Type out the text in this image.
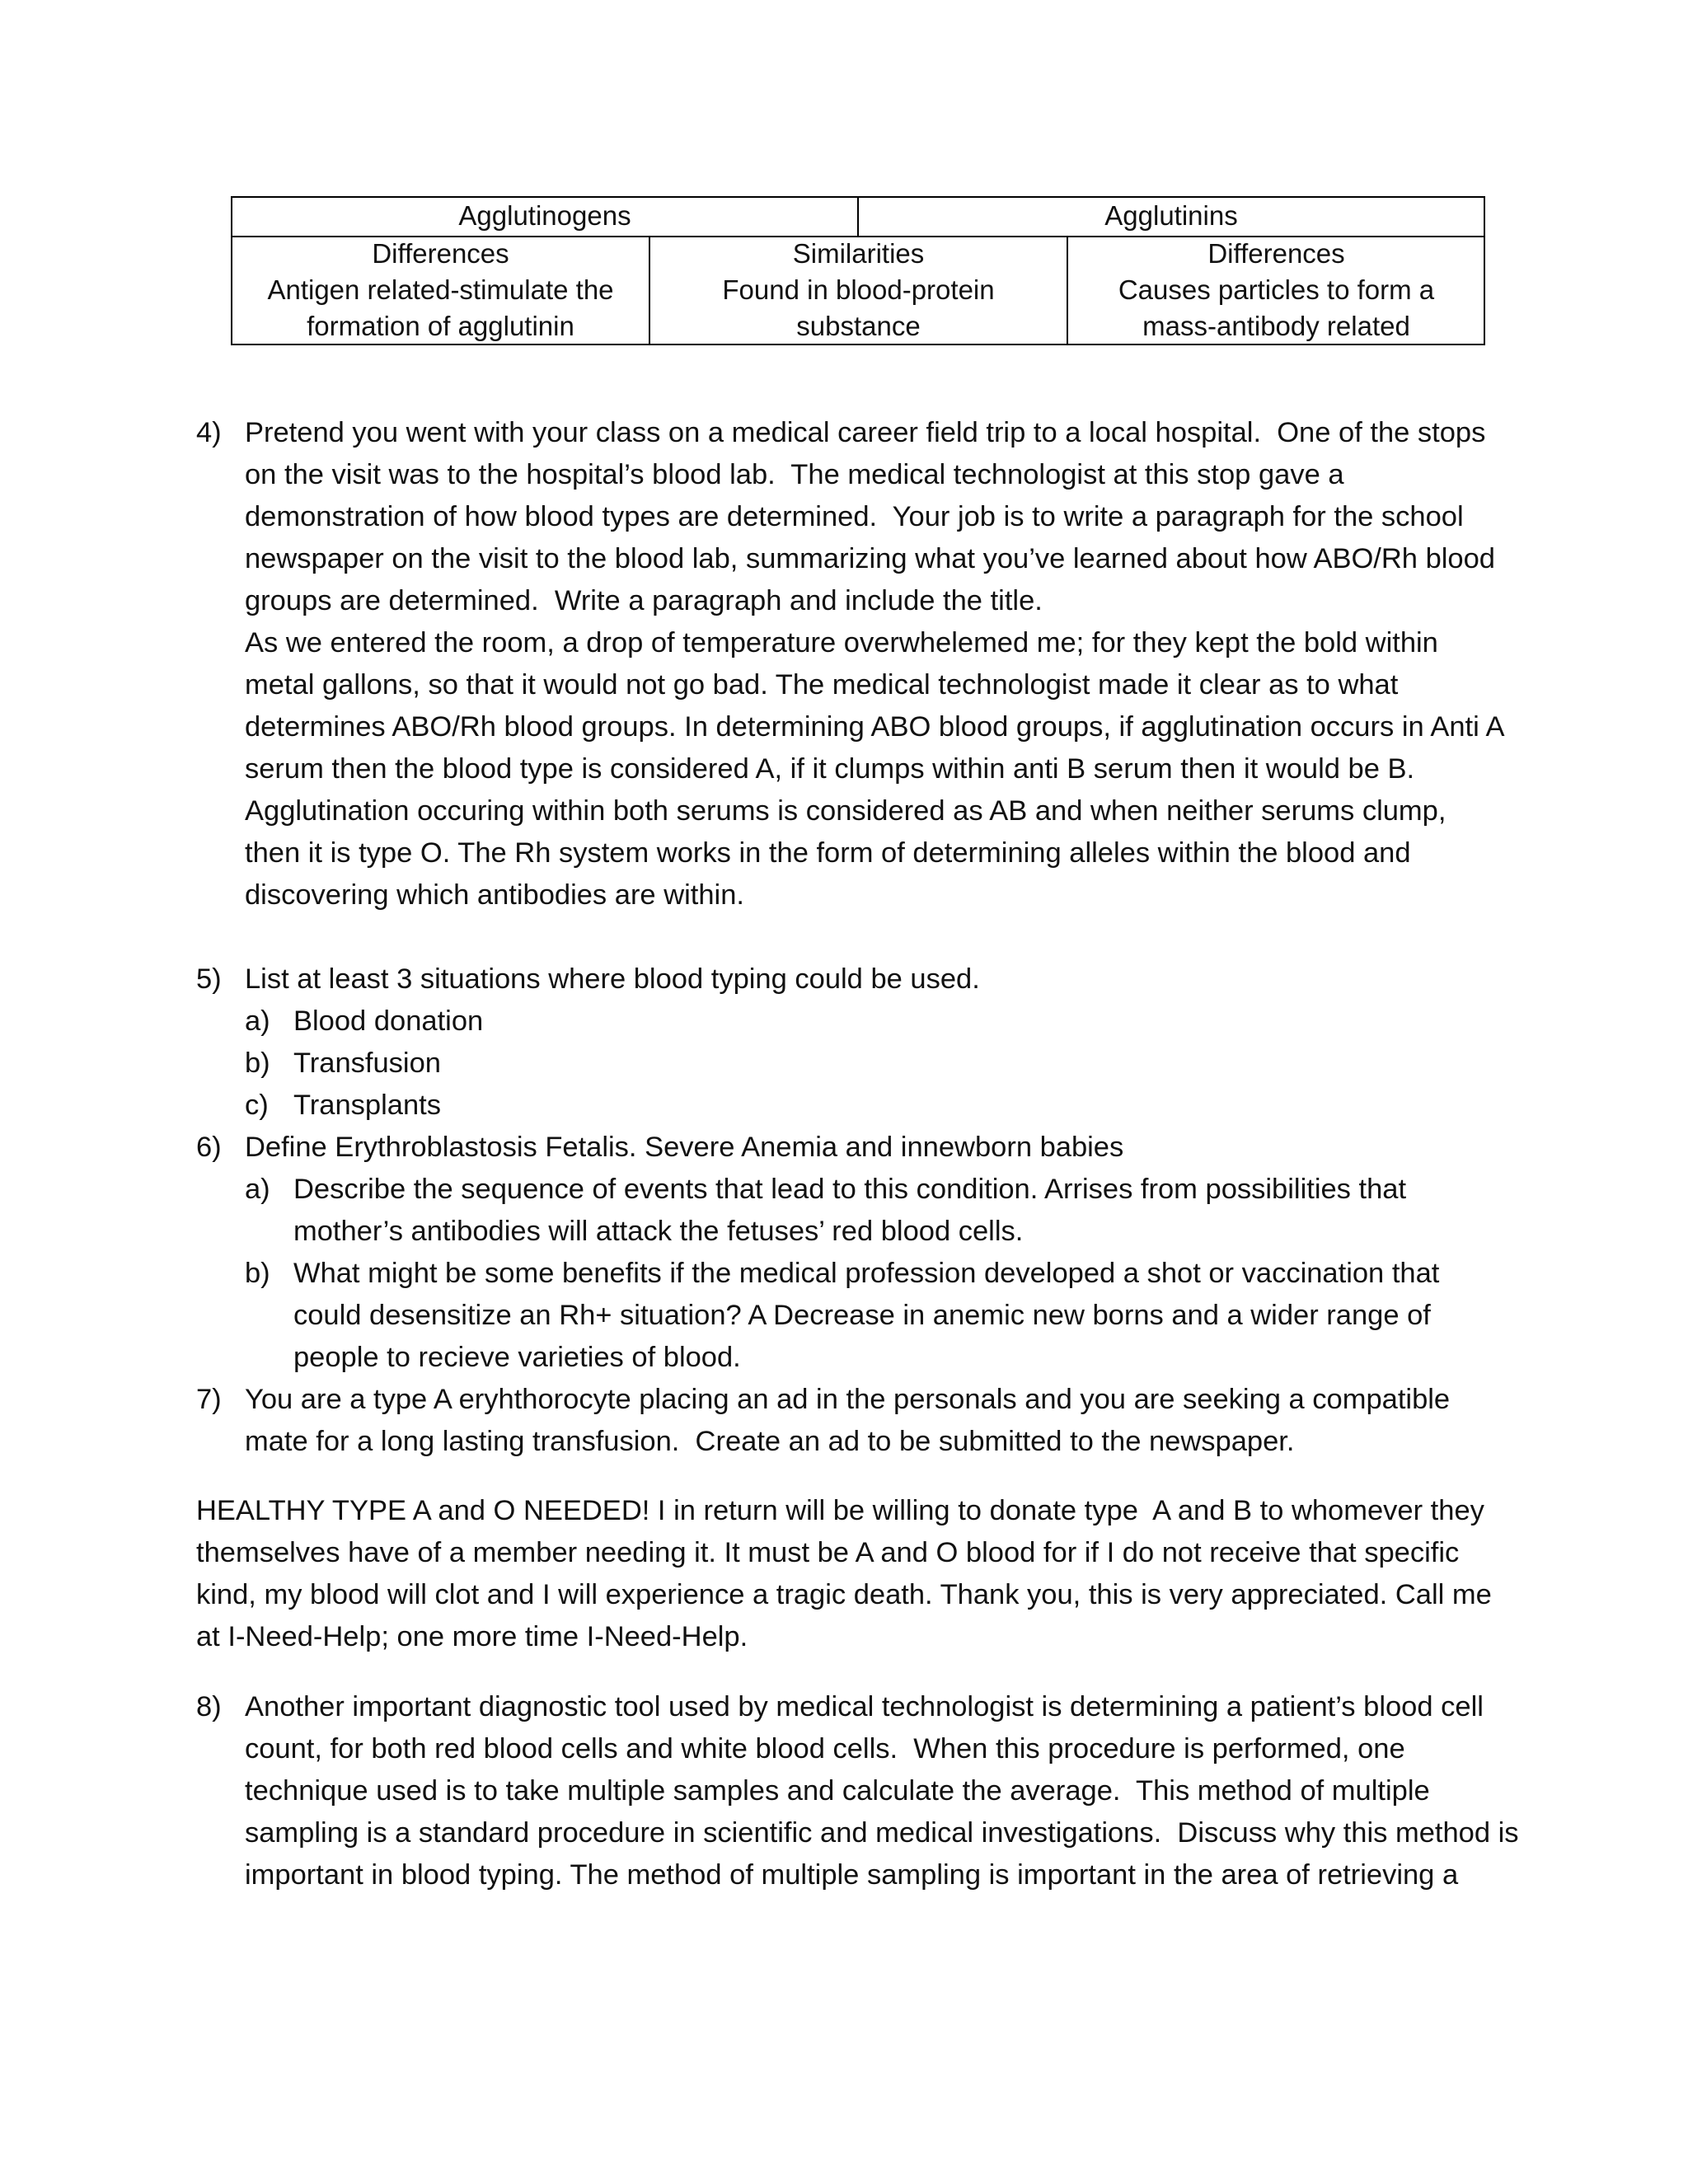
Agglutinogens	Agglutinins
Differences
Antigen related-stimulate the
formation of agglutinin
Similarities
Found in blood-protein
substance
Differences
Causes particles to form a
mass-antibody related
4) Pretend you went with your class on a medical career field trip to a local hospital.  One of the stops
on the visit was to the hospital’s blood lab.  The medical technologist at this stop gave a
demonstration of how blood types are determined.  Your job is to write a paragraph for the school
newspaper on the visit to the blood lab, summarizing what you’ve learned about how ABO/Rh blood
groups are determined.  Write a paragraph and include the title.
As we entered the room, a drop of temperature overwhelemed me; for they kept the bold within
metal gallons, so that it would not go bad. The medical technologist made it clear as to what
determines ABO/Rh blood groups. In determining ABO blood groups, if agglutination occurs in Anti A
serum then the blood type is considered A, if it clumps within anti B serum then it would be B.
Agglutination occuring within both serums is considered as AB and when neither serums clump,
then it is type O. The Rh system works in the form of determining alleles within the blood and
discovering which antibodies are within.
5) List at least 3 situations where blood typing could be used.
a) Blood donation
b) Transfusion
c) Transplants
6) Define Erythroblastosis Fetalis. Severe Anemia and innewborn babies
a) Describe the sequence of events that lead to this condition. Arrises from possibilities that
mother’s antibodies will attack the fetuses’ red blood cells.
b) What might be some benefits if the medical profession developed a shot or vaccination that
could desensitize an Rh+ situation? A Decrease in anemic new borns and a wider range of
people to recieve varieties of blood.
7) You are a type A eryhthorocyte placing an ad in the personals and you are seeking a compatible
mate for a long lasting transfusion.  Create an ad to be submitted to the newspaper.
HEALTHY TYPE A and O NEEDED! I in return will be willing to donate type  A and B to whomever they
themselves have of a member needing it. It must be A and O blood for if I do not receive that specific
kind, my blood will clot and I will experience a tragic death. Thank you, this is very appreciated. Call me
at I-Need-Help; one more time I-Need-Help.
8) Another important diagnostic tool used by medical technologist is determining a patient’s blood cell
count, for both red blood cells and white blood cells.  When this procedure is performed, one
technique used is to take multiple samples and calculate the average.  This method of multiple
sampling is a standard procedure in scientific and medical investigations.  Discuss why this method is
important in blood typing. The method of multiple sampling is important in the area of retrieving a
